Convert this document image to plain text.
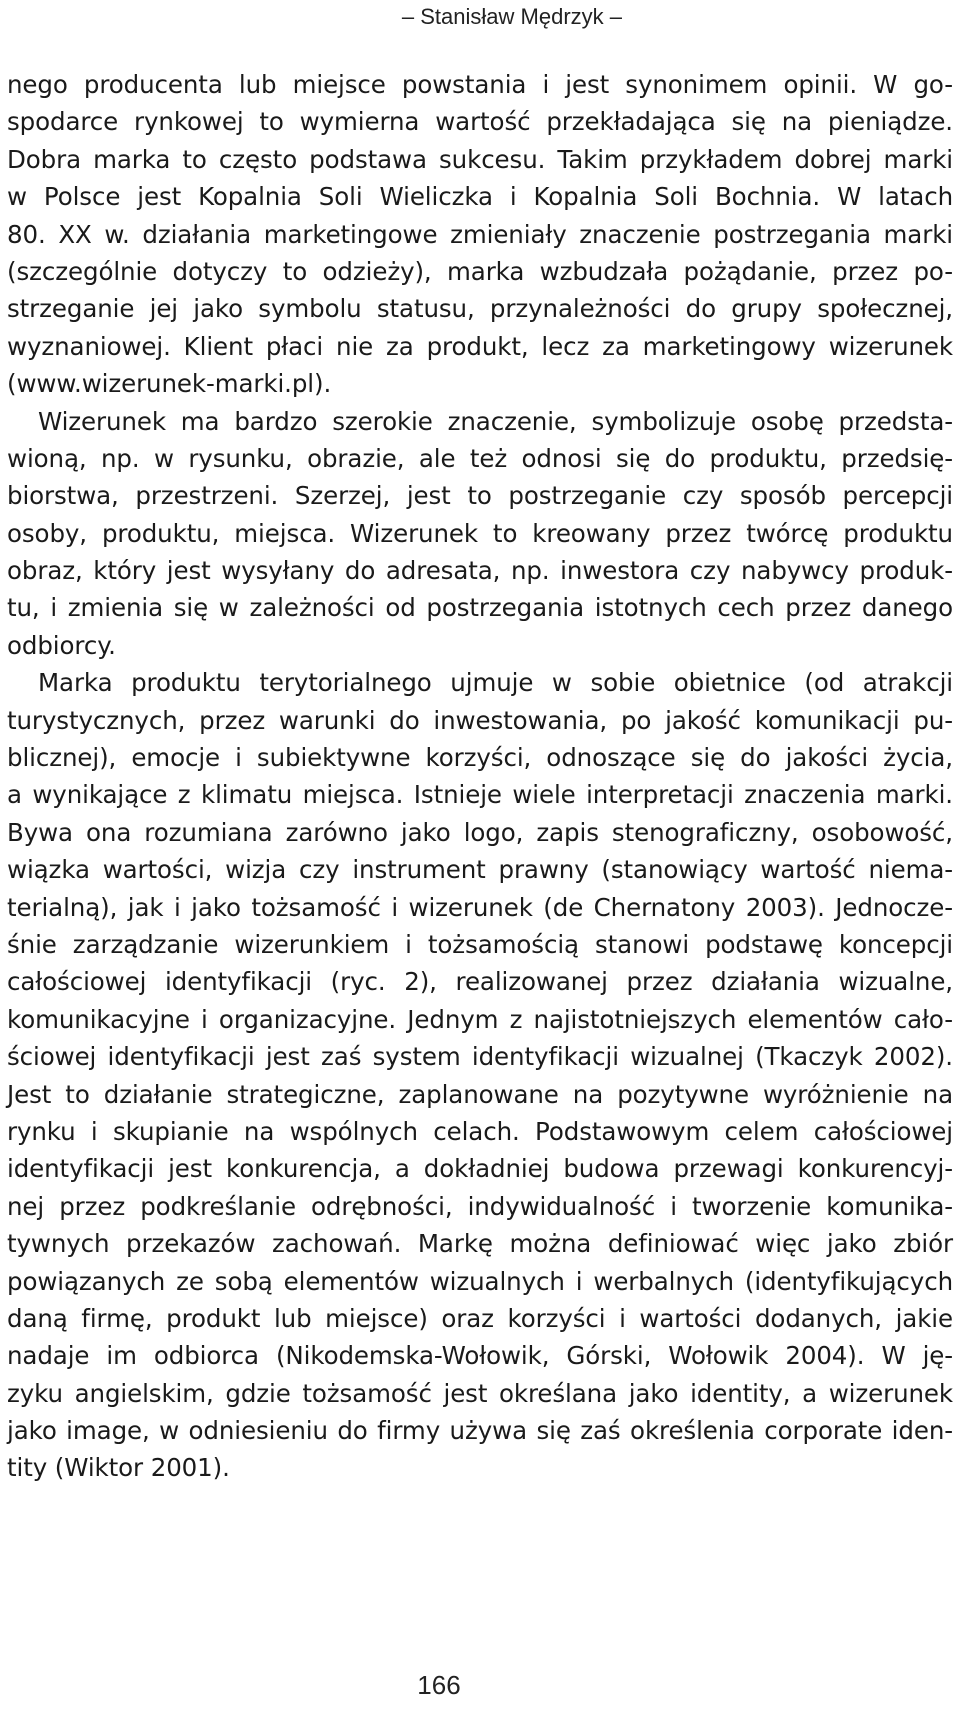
– Stanisław Mędrzyk –
nego producenta lub miejsce powstania i jest synonimem opinii. W go-
spodarce rynkowej to wymierna wartość przekładająca się na pieniądze.
Dobra marka to często podstawa sukcesu. Takim przykładem dobrej marki
w Polsce jest Kopalnia Soli Wieliczka i Kopalnia Soli Bochnia. W latach
80. XX w. działania marketingowe zmieniały znaczenie postrzegania marki
(szczególnie dotyczy to odzieży), marka wzbudzała pożądanie, przez po-
strzeganie jej jako symbolu statusu, przynależności do grupy społecznej,
wyznaniowej. Klient płaci nie za produkt, lecz za marketingowy wizerunek
(www.wizerunek-marki.pl).
Wizerunek ma bardzo szerokie znaczenie, symbolizuje osobę przedsta-
wioną, np. w rysunku, obrazie, ale też odnosi się do produktu, przedsię-
biorstwa, przestrzeni. Szerzej, jest to postrzeganie czy sposób percepcji
osoby, produktu, miejsca. Wizerunek to kreowany przez twórcę produktu
obraz, który jest wysyłany do adresata, np. inwestora czy nabywcy produk-
tu, i zmienia się w zależności od postrzegania istotnych cech przez danego
odbiorcy.
Marka produktu terytorialnego ujmuje w sobie obietnice (od atrakcji
turystycznych, przez warunki do inwestowania, po jakość komunikacji pu-
blicznej), emocje i subiektywne korzyści, odnoszące się do jakości życia,
a wynikające z klimatu miejsca. Istnieje wiele interpretacji znaczenia marki.
Bywa ona rozumiana zarówno jako logo, zapis stenograficzny, osobowość,
wiązka wartości, wizja czy instrument prawny (stanowiący wartość niema-
terialną), jak i jako tożsamość i wizerunek (de Chernatony 2003). Jednocze-
śnie zarządzanie wizerunkiem i tożsamością stanowi podstawę koncepcji
całościowej identyfikacji (ryc. 2), realizowanej przez działania wizualne,
komunikacyjne i organizacyjne. Jednym z najistotniejszych elementów cało-
ściowej identyfikacji jest zaś system identyfikacji wizualnej (Tkaczyk 2002).
Jest to działanie strategiczne, zaplanowane na pozytywne wyróżnienie na
rynku i skupianie na wspólnych celach. Podstawowym celem całościowej
identyfikacji jest konkurencja, a dokładniej budowa przewagi konkurencyj-
nej przez podkreślanie odrębności, indywidualność i tworzenie komunika-
tywnych przekazów zachowań. Markę można definiować więc jako zbiór
powiązanych ze sobą elementów wizualnych i werbalnych (identyfikujących
daną firmę, produkt lub miejsce) oraz korzyści i wartości dodanych, jakie
nadaje im odbiorca (Nikodemska-Wołowik, Górski, Wołowik 2004). W ję-
zyku angielskim, gdzie tożsamość jest określana jako identity, a wizerunek
jako image, w odniesieniu do firmy używa się zaś określenia corporate iden-
tity (Wiktor 2001).
166
